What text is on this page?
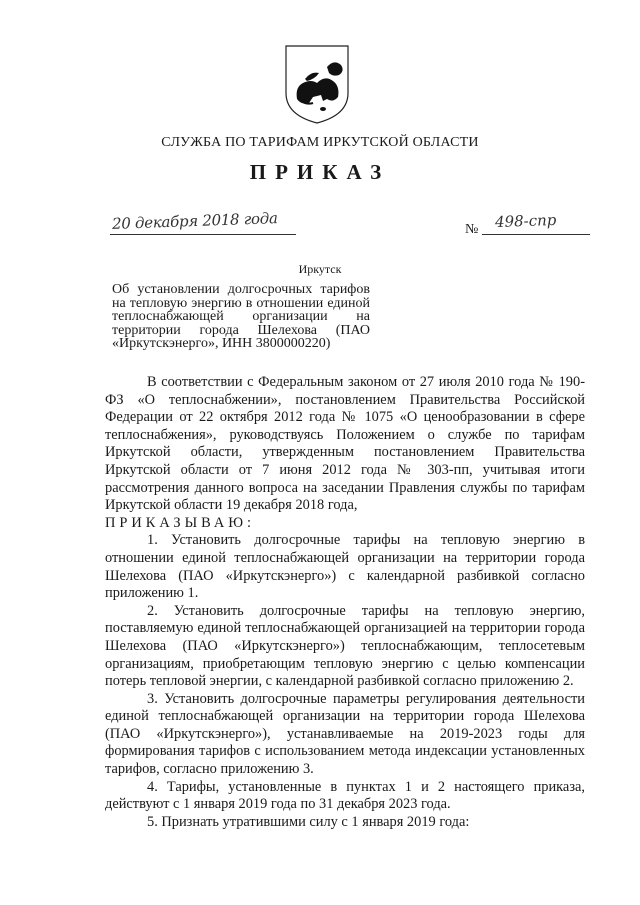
СЛУЖБА ПО ТАРИФАМ ИРКУТСКОЙ ОБЛАСТИ
ПРИКАЗ
20 декабря 2018 года	№ 498-спр
Иркутск
Об установлении долгосрочных тарифов на тепловую энергию в отношении единой теплоснабжающей организации на территории города Шелехова (ПАО «Иркутскэнерго», ИНН 3800000220)

В соответствии с Федеральным законом от 27 июля 2010 года № 190-ФЗ «О теплоснабжении», постановлением Правительства Российской Федерации от 22 октября 2012 года № 1075 «О ценообразовании в сфере теплоснабжения», руководствуясь Положением о службе по тарифам Иркутской области, утвержденным постановлением Правительства Иркутской области от 7 июня 2012 года № 303-пп, учитывая итоги рассмотрения данного вопроса на заседании Правления службы по тарифам Иркутской области 19 декабря 2018 года,

ПРИКАЗЫВАЮ:

1. Установить долгосрочные тарифы на тепловую энергию в отношении единой теплоснабжающей организации на территории города Шелехова (ПАО «Иркутскэнерго») с календарной разбивкой согласно приложению 1.

2. Установить долгосрочные тарифы на тепловую энергию, поставляемую единой теплоснабжающей организацией на территории города Шелехова (ПАО «Иркутскэнерго») теплоснабжающим, теплосетевым организациям, приобретающим тепловую энергию с целью компенсации потерь тепловой энергии, с календарной разбивкой согласно приложению 2.

3. Установить долгосрочные параметры регулирования деятельности единой теплоснабжающей организации на территории города Шелехова (ПАО «Иркутскэнерго»), устанавливаемые на 2019-2023 годы для формирования тарифов с использованием метода индексации установленных тарифов, согласно приложению 3.

4. Тарифы, установленные в пунктах 1 и 2 настоящего приказа, действуют с 1 января 2019 года по 31 декабря 2023 года.

5. Признать утратившими силу с 1 января 2019 года:
